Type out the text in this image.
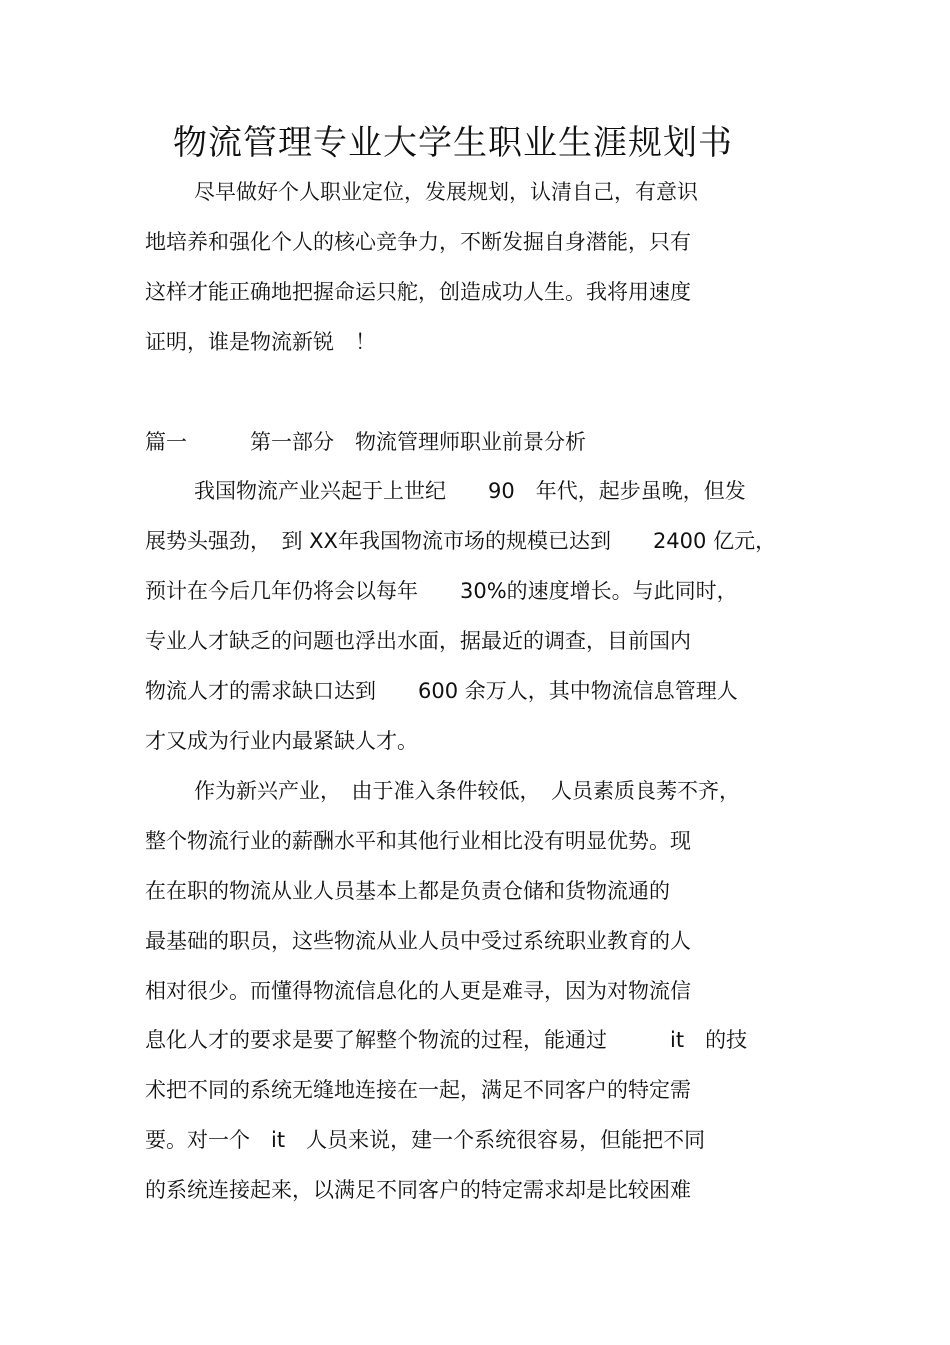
物流管理专业大学生职业生涯规划书

尽早做好个人职业定位，发展规划，认清自己，有意识

地培养和强化个人的核心竞争力，不断发掘自身潜能，只有

这样才能正确地把握命运只舵，创造成功人生。我将用速度

证明，谁是物流新锐　！

篇一　　　第一部分　物流管理师职业前景分析

我国物流产业兴起于上世纪　　90　年代，起步虽晚，但发

展势头强劲，　到 XX年我国物流市场的规模已达到　　2400 亿元，

预计在今后几年仍将会以每年　　30%的速度增长。与此同时，

专业人才缺乏的问题也浮出水面，据最近的调查，目前国内

物流人才的需求缺口达到　　600 余万人，其中物流信息管理人

才又成为行业内最紧缺人才。

作为新兴产业，　由于准入条件较低，　人员素质良莠不齐，

整个物流行业的薪酬水平和其他行业相比没有明显优势。现

在在职的物流从业人员基本上都是负责仓储和货物流通的

最基础的职员，这些物流从业人员中受过系统职业教育的人

相对很少。而懂得物流信息化的人更是难寻，因为对物流信

息化人才的要求是要了解整个物流的过程，能通过　　　it　的技

术把不同的系统无缝地连接在一起，满足不同客户的特定需

要。对一个　it　人员来说，建一个系统很容易，但能把不同

的系统连接起来，以满足不同客户的特定需求却是比较困难
